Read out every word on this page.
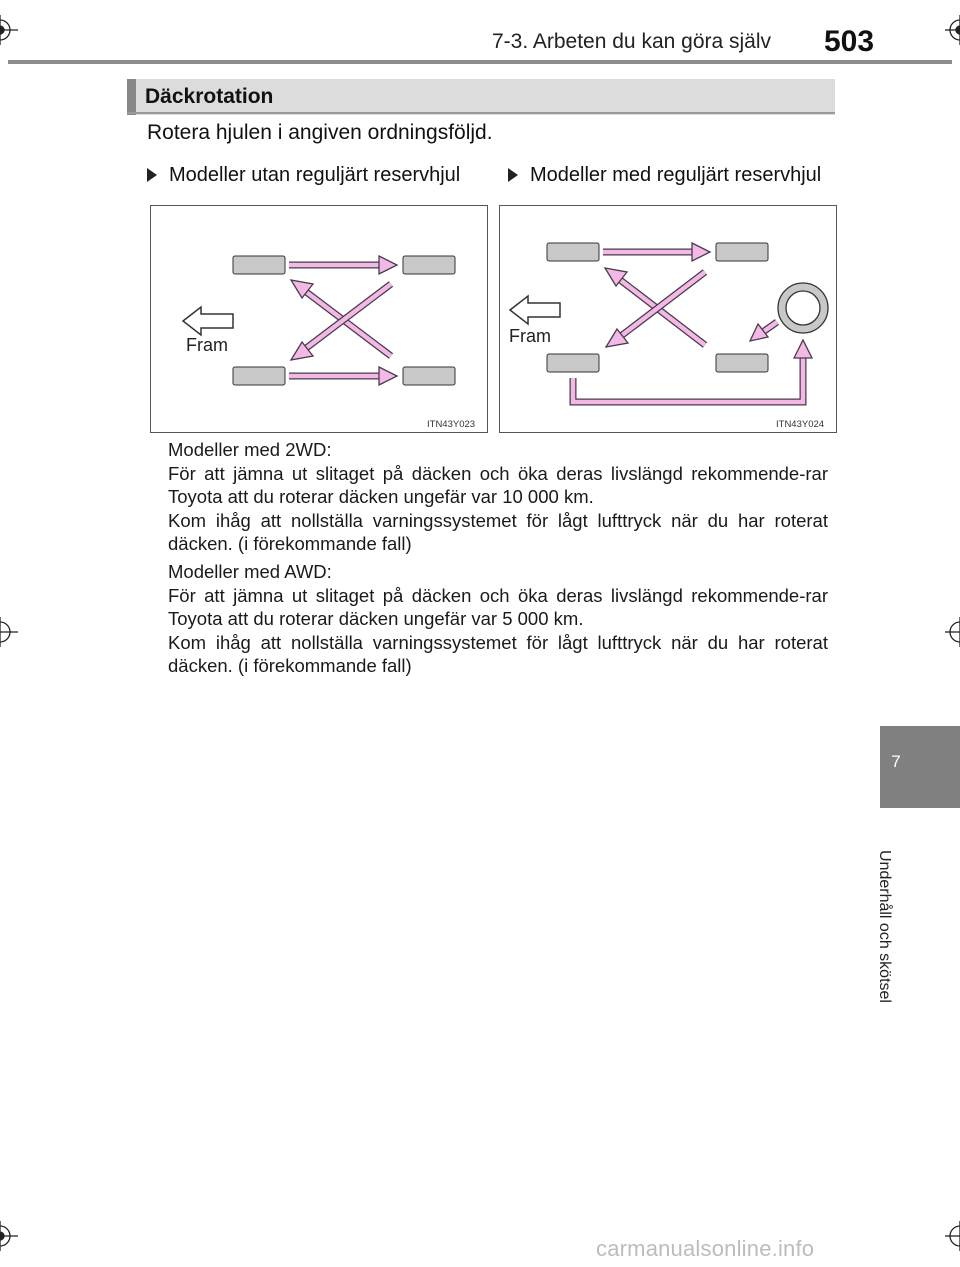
7-3. Arbeten du kan göra själv 503
Däckrotation
Rotera hjulen i angiven ordningsföljd.
Modeller utan reguljärt reservhjul	Modeller med reguljärt reservhjul
Fram
ITN43Y023
Fram
ITN43Y024
Modeller med 2WD:
För att jämna ut slitaget på däcken och öka deras livslängd rekommende-rar Toyota att du roterar däcken ungefär var 10 000 km.
Kom ihåg att nollställa varningssystemet för lågt lufttryck när du har roterat däcken. (i förekommande fall)
Modeller med AWD:
För att jämna ut slitaget på däcken och öka deras livslängd rekommende-rar Toyota att du roterar däcken ungefär var 5 000 km.
Kom ihåg att nollställa varningssystemet för lågt lufttryck när du har roterat däcken. (i förekommande fall)
7
Underhåll och skötsel
carmanualsonline.info
